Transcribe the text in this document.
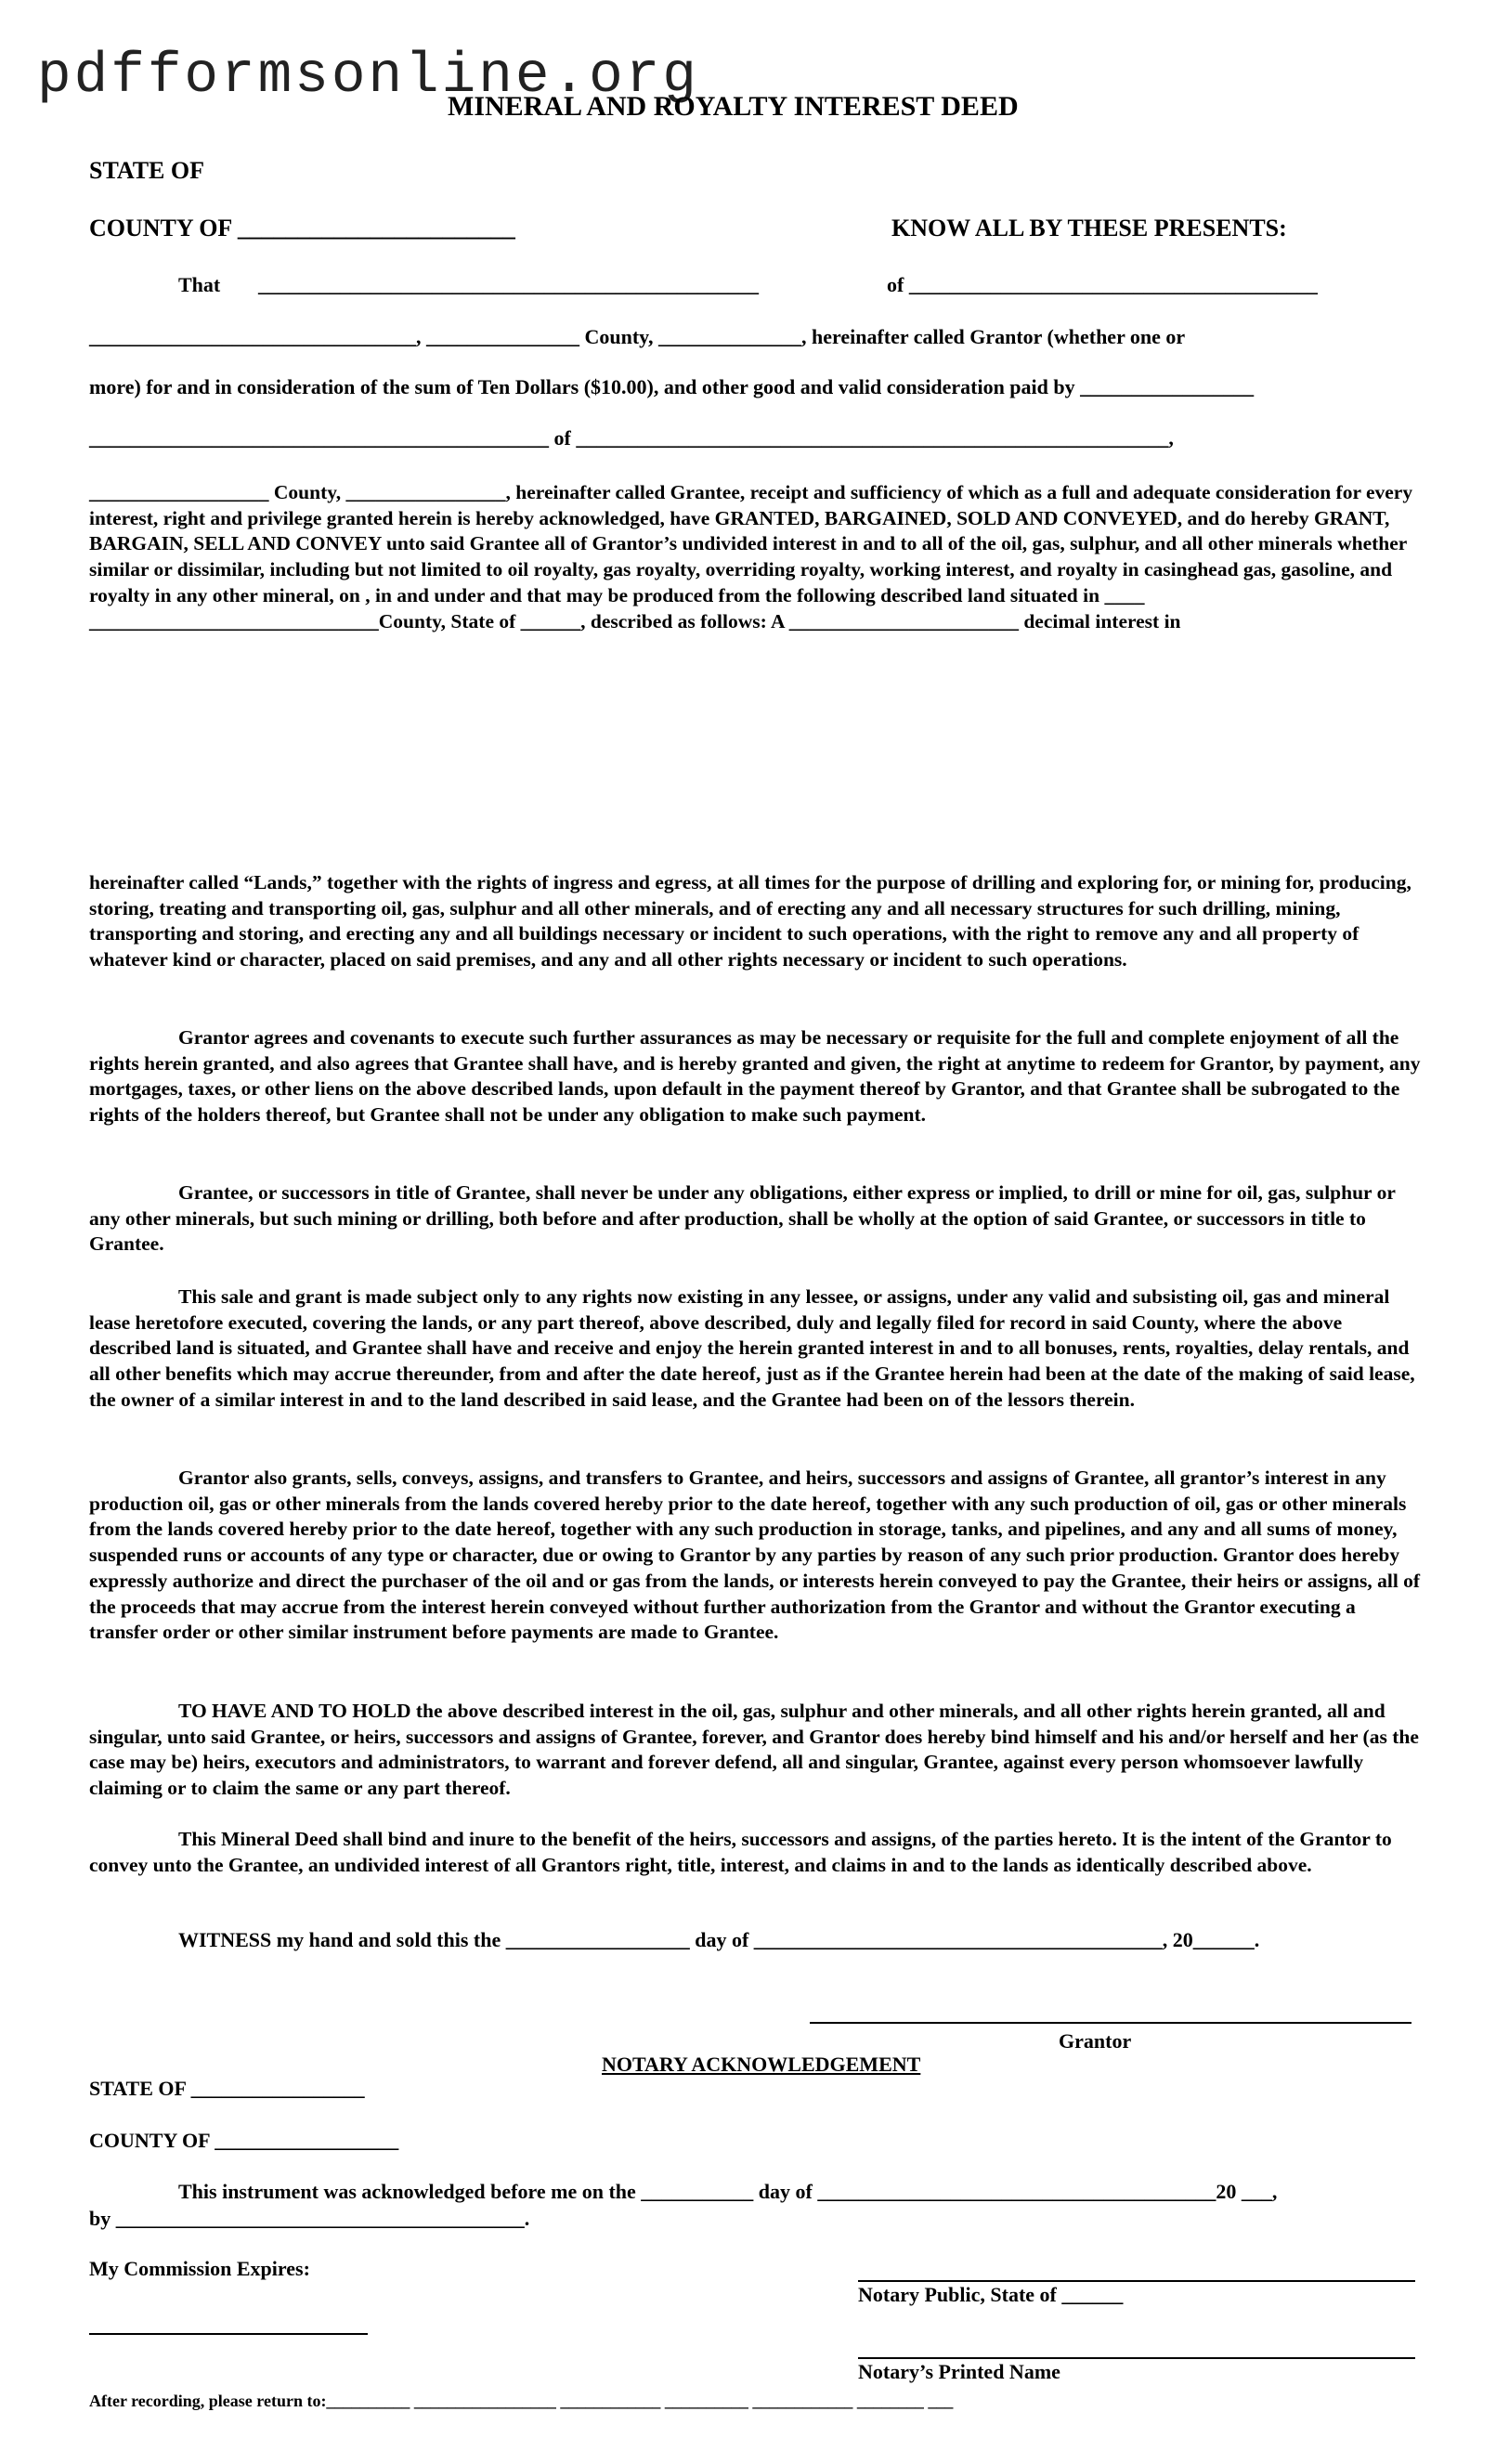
pdfformsonline.org
MINERAL AND ROYALTY INTEREST DEED
STATE OF
COUNTY OF _______________________	KNOW ALL BY THESE PRESENTS:
That _________________________________________________	of ________________________________________
________________________________, _______________ County, ______________, hereinafter called Grantor (whether one or
more) for and in consideration of the sum of Ten Dollars ($10.00), and other good and valid consideration paid by _________________
_____________________________________________ of __________________________________________________________,

__________________ County, ________________, hereinafter called Grantee, receipt and sufficiency of which as a full and adequate consideration for every interest, right and privilege granted herein is hereby acknowledged, have GRANTED, BARGAINED, SOLD AND CONVEYED, and do hereby GRANT, BARGAIN, SELL AND CONVEY unto said Grantee all of Grantor’s undivided interest in and to all of the oil, gas, sulphur, and all other minerals whether similar or dissimilar, including but not limited to oil royalty, gas royalty, overriding royalty, working interest, and royalty in casinghead gas, gasoline, and royalty in any other mineral, on , in and under and that may be produced from the following described land situated in ____ _____________________________County, State of ______, described as follows: A _______________________ decimal interest in

hereinafter called “Lands,” together with the rights of ingress and egress, at all times for the purpose of drilling and exploring for, or mining for, producing, storing, treating and transporting oil, gas, sulphur and all other minerals, and of erecting any and all necessary structures for such drilling, mining, transporting and storing, and erecting any and all buildings necessary or incident to such operations, with the right to remove any and all property of whatever kind or character, placed on said premises, and any and all other rights necessary or incident to such operations.

Grantor agrees and covenants to execute such further assurances as may be necessary or requisite for the full and complete enjoyment of all the rights herein granted, and also agrees that Grantee shall have, and is hereby granted and given, the right at anytime to redeem for Grantor, by payment, any mortgages, taxes, or other liens on the above described lands, upon default in the payment thereof by Grantor, and that Grantee shall be subrogated to the rights of the holders thereof, but Grantee shall not be under any obligation to make such payment.

Grantee, or successors in title of Grantee, shall never be under any obligations, either express or implied, to drill or mine for oil, gas, sulphur or any other minerals, but such mining or drilling, both before and after production, shall be wholly at the option of said Grantee, or successors in title to Grantee.

This sale and grant is made subject only to any rights now existing in any lessee, or assigns, under any valid and subsisting oil, gas and mineral lease heretofore executed, covering the lands, or any part thereof, above described, duly and legally filed for record in said County, where the above described land is situated, and Grantee shall have and receive and enjoy the herein granted interest in and to all bonuses, rents, royalties, delay rentals, and all other benefits which may accrue thereunder, from and after the date hereof, just as if the Grantee herein had been at the date of the making of said lease, the owner of a similar interest in and to the land described in said lease, and the Grantee had been on of the lessors therein.

Grantor also grants, sells, conveys, assigns, and transfers to Grantee, and heirs, successors and assigns of Grantee, all grantor’s interest in any production oil, gas or other minerals from the lands covered hereby prior to the date hereof, together with any such production of oil, gas or other minerals from the lands covered hereby prior to the date hereof, together with any such production in storage, tanks, and pipelines, and any and all sums of money, suspended runs or accounts of any type or character, due or owing to Grantor by any parties by reason of any such prior production. Grantor does hereby expressly authorize and direct the purchaser of the oil and or gas from the lands, or interests herein conveyed to pay the Grantee, their heirs or assigns, all of the proceeds that may accrue from the interest herein conveyed without further authorization from the Grantor and without the Grantor executing a transfer order or other similar instrument before payments are made to Grantee.

TO HAVE AND TO HOLD the above described interest in the oil, gas, sulphur and other minerals, and all other rights herein granted, all and singular, unto said Grantee, or heirs, successors and assigns of Grantee, forever, and Grantor does hereby bind himself and his and/or herself and her (as the case may be) heirs, executors and administrators, to warrant and forever defend, all and singular, Grantee, against every person whomsoever lawfully claiming or to claim the same or any part thereof.

This Mineral Deed shall bind and inure to the benefit of the heirs, successors and assigns, of the parties hereto. It is the intent of the Grantor to convey unto the Grantee, an undivided interest of all Grantors right, title, interest, and claims in and to the lands as identically described above.

WITNESS my hand and sold this the __________________ day of ________________________________________, 20______.
Grantor
NOTARY ACKNOWLEDGEMENT
STATE OF _________________
COUNTY OF __________________
This instrument was acknowledged before me on the ___________ day of _______________________________________20 ___,
by ________________________________________.
My Commission Expires:
Notary Public, State of ______
Notary’s Printed Name
After recording, please return to:__________ _________________ ____________ __________ ____________ ________ ___
